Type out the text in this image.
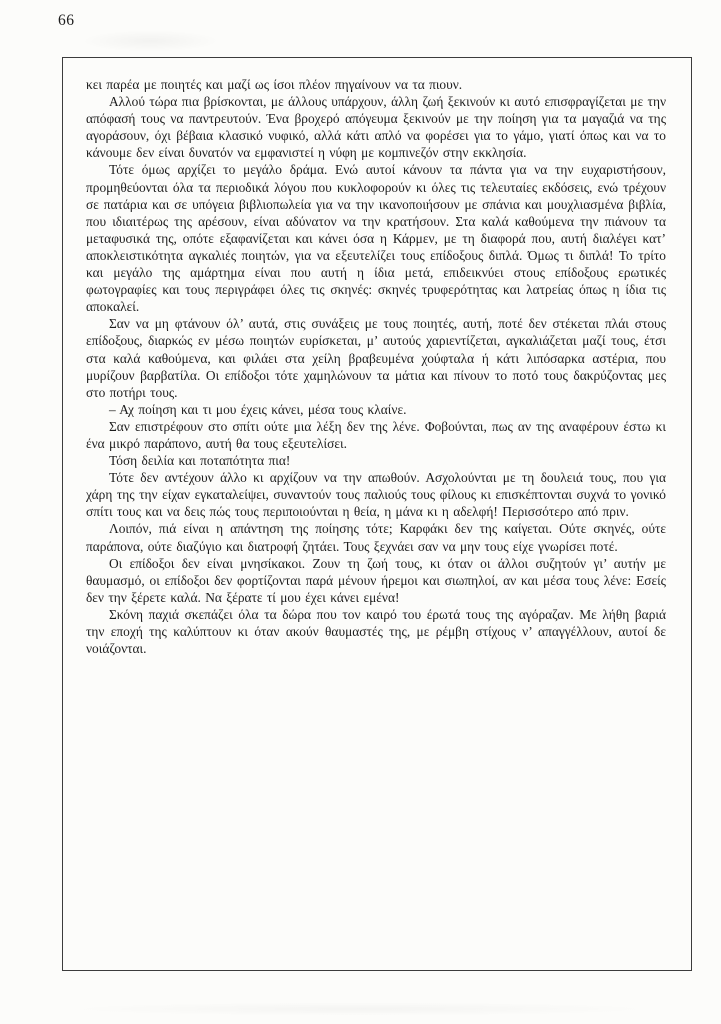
66

κει παρέα με ποιητές και μαζί ως ίσοι πλέον πηγαίνουν να τα πιουν.

Αλλού τώρα πια βρίσκονται, με άλλους υπάρχουν, άλλη ζωή ξεκινούν κι αυτό επισφραγίζεται με την απόφασή τους να παντρευτούν. Ένα βροχερό απόγευμα ξεκινούν με την ποίηση για τα μαγαζιά να της αγοράσουν, όχι βέβαια κλασικό νυφικό, αλλά κάτι απλό να φορέσει για το γάμο, γιατί όπως και να το κάνουμε δεν είναι δυνατόν να εμφανιστεί η νύφη με κομπινεζόν στην εκκλησία.

Τότε όμως αρχίζει το μεγάλο δράμα. Ενώ αυτοί κάνουν τα πάντα για να την ευχαριστήσουν, προμηθεύονται όλα τα περιοδικά λόγου που κυκλοφορούν κι όλες τις τελευταίες εκδόσεις, ενώ τρέχουν σε πατάρια και σε υπόγεια βιβλιοπωλεία για να την ικανοποιήσουν με σπάνια και μουχλιασμένα βιβλία, που ιδιαιτέρως της αρέσουν, είναι αδύνατον να την κρατήσουν. Στα καλά καθούμενα την πιάνουν τα μεταφυσικά της, οπότε εξαφανίζεται και κάνει όσα η Κάρμεν, με τη διαφορά που, αυτή διαλέγει κατ’ αποκλειστικότητα αγκαλιές ποιητών, για να εξευτελίζει τους επίδοξους διπλά. Όμως τι διπλά! Το τρίτο και μεγάλο της αμάρτημα είναι που αυτή η ίδια μετά, επιδεικνύει στους επίδοξους ερωτικές φωτογραφίες και τους περιγράφει όλες τις σκηνές: σκηνές τρυφερότητας και λατρείας όπως η ίδια τις αποκαλεί.

Σαν να μη φτάνουν όλ’ αυτά, στις συνάξεις με τους ποιητές, αυτή, ποτέ δεν στέκεται πλάι στους επίδοξους, διαρκώς εν μέσω ποιητών ευρίσκεται, μ’ αυτούς χαριεντίζεται, αγκαλιάζεται μαζί τους, έτσι στα καλά καθούμενα, και φιλάει στα χείλη βραβευμένα χούφταλα ή κάτι λιπόσαρκα αστέρια, που μυρίζουν βαρβατίλα. Οι επίδοξοι τότε χαμηλώνουν τα μάτια και πίνουν το ποτό τους δακρύζοντας μες στο ποτήρι τους.

– Αχ ποίηση και τι μου έχεις κάνει, μέσα τους κλαίνε.

Σαν επιστρέφουν στο σπίτι ούτε μια λέξη δεν της λένε. Φοβούνται, πως αν της αναφέρουν έστω κι ένα μικρό παράπονο, αυτή θα τους εξευτελίσει.

Τόση δειλία και ποταπότητα πια!

Τότε δεν αντέχουν άλλο κι αρχίζουν να την απωθούν. Ασχολούνται με τη δουλειά τους, που για χάρη της την είχαν εγκαταλείψει, συναντούν τους παλιούς τους φίλους κι επισκέπτονται συχνά το γονικό σπίτι τους και να δεις πώς τους περιποιούνται η θεία, η μάνα κι η αδελφή! Περισσότερο από πριν.

Λοιπόν, πιά είναι η απάντηση της ποίησης τότε; Καρφάκι δεν της καίγεται. Ούτε σκηνές, ούτε παράπονα, ούτε διαζύγιο και διατροφή ζητάει. Τους ξεχνάει σαν να μην τους είχε γνωρίσει ποτέ.

Οι επίδοξοι δεν είναι μνησίκακοι. Ζουν τη ζωή τους, κι όταν οι άλλοι συζητούν γι’ αυτήν με θαυμασμό, οι επίδοξοι δεν φορτίζονται παρά μένουν ήρεμοι και σιωπηλοί, αν και μέσα τους λένε: Εσείς δεν την ξέρετε καλά. Να ξέρατε τί μου έχει κάνει εμένα!

Σκόνη παχιά σκεπάζει όλα τα δώρα που τον καιρό του έρωτά τους της αγόραζαν. Με λήθη βαριά την εποχή της καλύπτουν κι όταν ακούν θαυμαστές της, με ρέμβη στίχους ν’ απαγγέλλουν, αυτοί δε νοιάζονται.
